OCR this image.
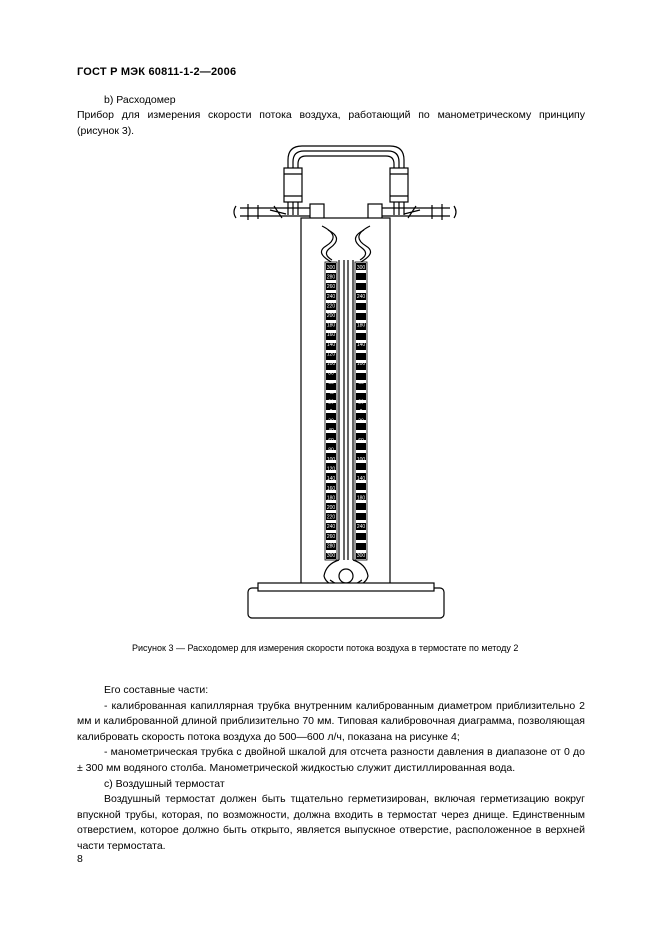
ГОСТ Р МЭК 60811-1-2—2006
b) Расходомер
Прибор для измерения скорости потока воздуха, работающий по манометрическому принципу (рисунок 3).
300
280
260
240
220
200
180
160
140
120
100
80
60
40
20
0
20
40
60
80
100
120
140
160
180
200
220
240
260
280
300
300
240
180
140
100
60
20
0
20
60
100
140
180
240
300
Рисунок 3 — Расходомер для измерения скорости потока воздуха в термостате по методу 2

Его составные части:

- калиброванная капиллярная трубка внутренним калиброванным диаметром приблизительно 2 мм и калиброванной длиной приблизительно 70 мм. Типовая калибровочная диаграмма, позволяющая калибровать скорость потока воздуха до 500—600 л/ч, показана на рисунке 4;

- манометрическая трубка с двойной шкалой для отсчета разности давления в диапазоне от 0 до ± 300 мм водяного столба. Манометрической жидкостью служит дистиллированная вода.

с) Воздушный термостат

Воздушный термостат должен быть тщательно герметизирован, включая герметизацию вокруг впускной трубы, которая, по возможности, должна входить в термостат через днище. Единственным отверстием, которое должно быть открыто, является выпускное отверстие, расположенное в верхней части термостата.

8
